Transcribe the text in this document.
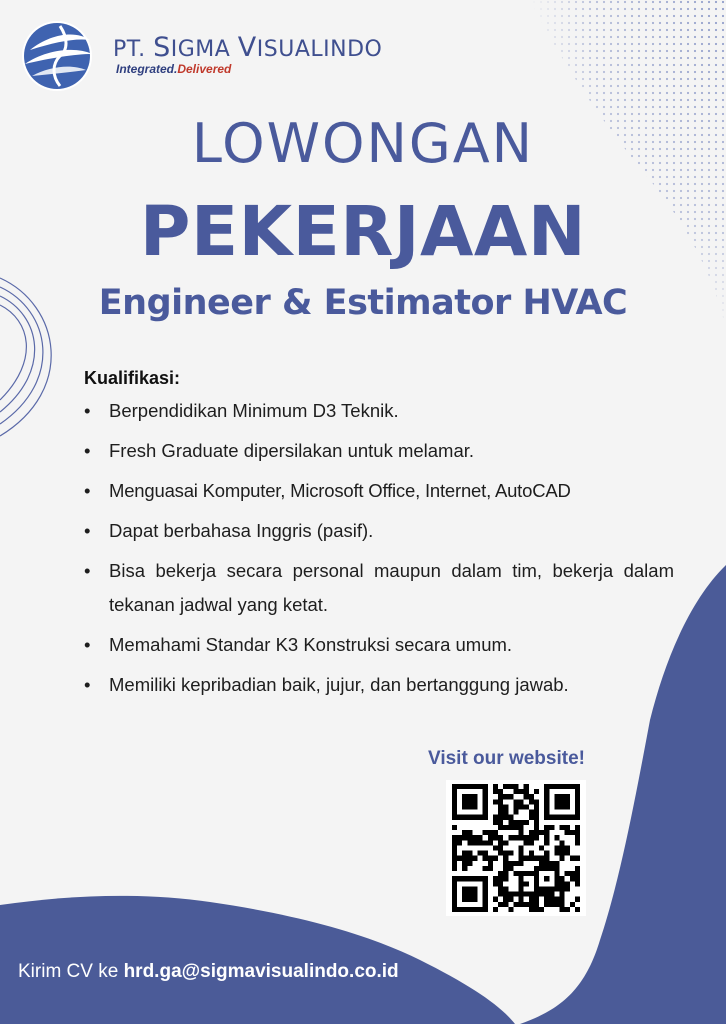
PT. SIGMA VISUALINDO
Integrated.Delivered
LOWONGAN
PEKERJAAN
Engineer & Estimator HVAC
Kualifikasi:
• Berpendidikan Minimum D3 Teknik.
• Fresh Graduate dipersilakan untuk melamar.
• Menguasai Komputer, Microsoft Office, Internet, AutoCAD
• Dapat berbahasa Inggris (pasif).
• Bisa bekerja secara personal maupun dalam tim, bekerja dalam tekanan jadwal yang ketat.
• Memahami Standar K3 Konstruksi secara umum.
• Memiliki kepribadian baik, jujur, dan bertanggung jawab.
Visit our website!
Kirim CV ke hrd.ga@sigmavisualindo.co.id
